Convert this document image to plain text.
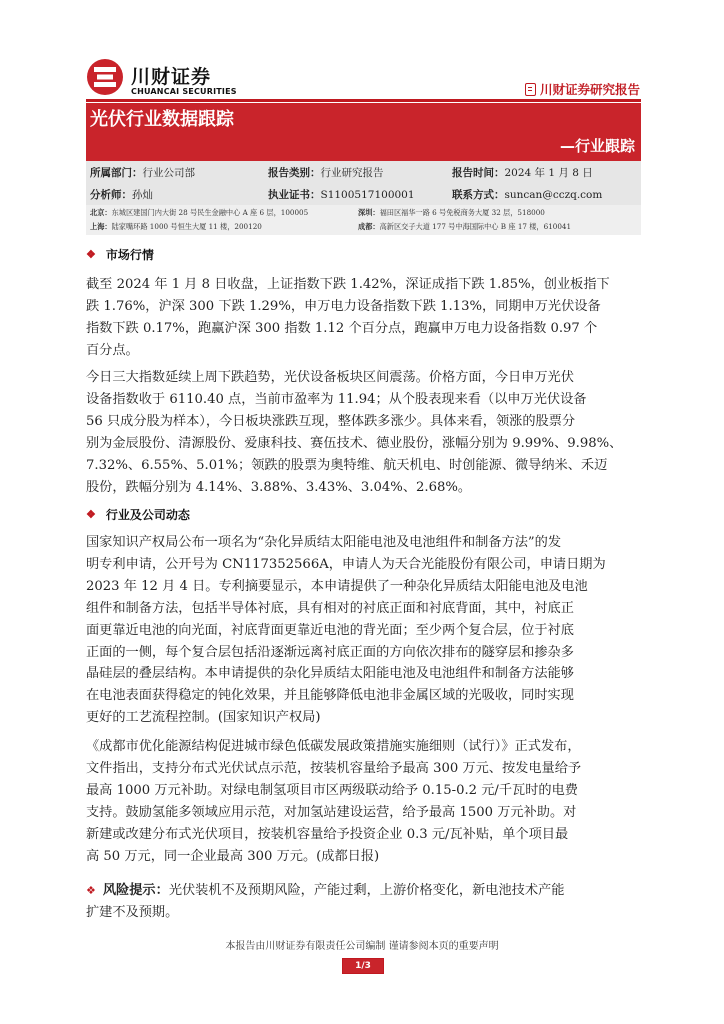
川财证券
CHUANCAI SECURITIES	川财证券研究报告
光伏行业数据跟踪
—行业跟踪
所属部门：行业公司部	报告类别：行业研究报告	报告时间：2024 年 1 月 8 日
分析师：孙灿	执业证书：S1100517100001	联系方式：suncan@cczq.com
北京：东城区建国门内大街 28 号民生金融中心 A 座 6 层，100005	深圳：福田区福华一路 6 号免税商务大厦 32 层，518000
上海：陆家嘴环路 1000 号恒生大厦 11 楼，200120	成都：高新区交子大道 177 号中海国际中心 B 座 17 楼，610041
❖ 市场行情
截至 2024 年 1 月 8 日收盘，上证指数下跌 1.42%，深证成指下跌 1.85%，创业板指下
跌 1.76%，沪深 300 下跌 1.29%，申万电力设备指数下跌 1.13%，同期申万光伏设备
指数下跌 0.17%，跑赢沪深 300 指数 1.12 个百分点，跑赢申万电力设备指数 0.97 个
百分点。
今日三大指数延续上周下跌趋势，光伏设备板块区间震荡。价格方面，今日申万光伏
设备指数收于 6110.40 点，当前市盈率为 11.94；从个股表现来看（以申万光伏设备
56 只成分股为样本），今日板块涨跌互现，整体跌多涨少。具体来看，领涨的股票分
别为金辰股份、清源股份、爱康科技、赛伍技术、德业股份，涨幅分别为 9.99%、9.98%、
7.32%、6.55%、5.01%；领跌的股票为奥特维、航天机电、时创能源、微导纳米、禾迈
股份，跌幅分别为 4.14%、3.88%、3.43%、3.04%、2.68%。
❖ 行业及公司动态
国家知识产权局公布一项名为“杂化异质结太阳能电池及电池组件和制备方法”的发
明专利申请，公开号为 CN117352566A，申请人为天合光能股份有限公司，申请日期为
2023 年 12 月 4 日。专利摘要显示，本申请提供了一种杂化异质结太阳能电池及电池
组件和制备方法，包括半导体衬底，具有相对的衬底正面和衬底背面，其中，衬底正
面更靠近电池的向光面，衬底背面更靠近电池的背光面；至少两个复合层，位于衬底
正面的一侧，每个复合层包括沿逐渐远离衬底正面的方向依次排布的隧穿层和掺杂多
晶硅层的叠层结构。本申请提供的杂化异质结太阳能电池及电池组件和制备方法能够
在电池表面获得稳定的钝化效果，并且能够降低电池非金属区域的光吸收，同时实现
更好的工艺流程控制。(国家知识产权局)
《成都市优化能源结构促进城市绿色低碳发展政策措施实施细则（试行）》正式发布，
文件指出，支持分布式光伏试点示范，按装机容量给予最高 300 万元、按发电量给予
最高 1000 万元补助。对绿电制氢项目市区两级联动给予 0.15-0.2 元/千瓦时的电费
支持。鼓励氢能多领域应用示范，对加氢站建设运营，给予最高 1500 万元补助。对
新建或改建分布式光伏项目，按装机容量给予投资企业 0.3 元/瓦补贴，单个项目最
高 50 万元，同一企业最高 300 万元。(成都日报)
❖ 风险提示：光伏装机不及预期风险，产能过剩，上游价格变化，新电池技术产能
扩建不及预期。
本报告由川财证券有限责任公司编制 谨请参阅本页的重要声明
1/3
